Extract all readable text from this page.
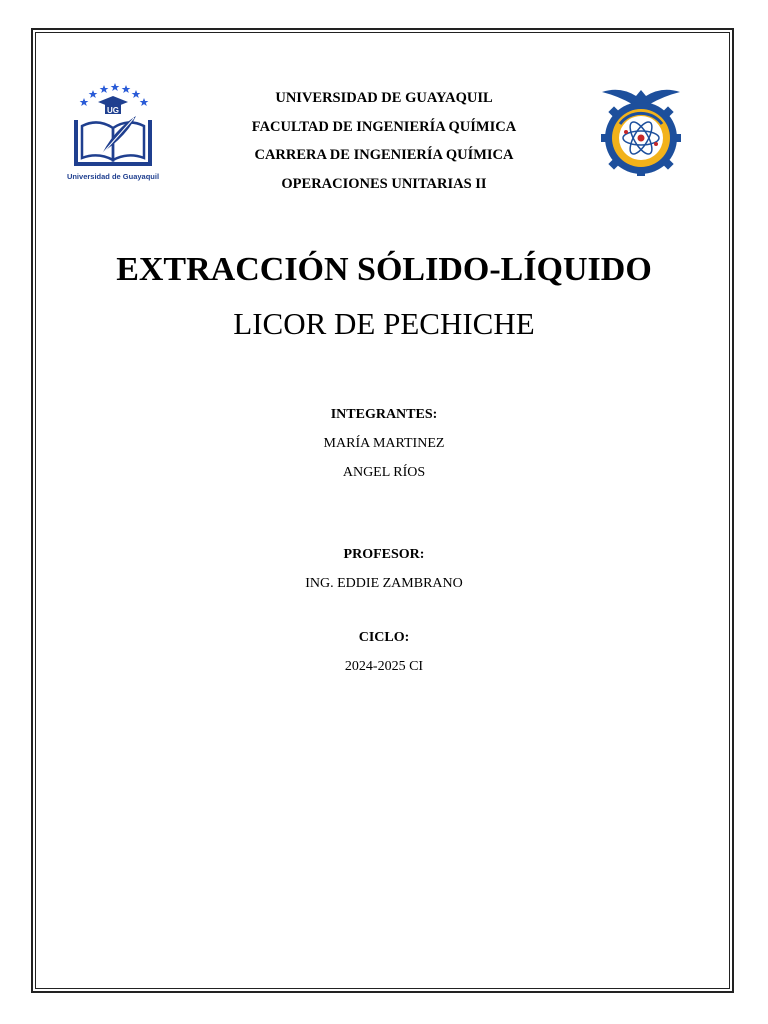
UG
Universidad de Guayaquil
UNIVERSIDAD DE GUAYAQUIL
FACULTAD DE INGENIERÍA QUÍMICA
CARRERA DE INGENIERÍA QUÍMICA
OPERACIONES UNITARIAS II
EXTRACCIÓN SÓLIDO-LÍQUIDO
LICOR DE PECHICHE
INTEGRANTES:
MARÍA MARTINEZ
ANGEL RÍOS
PROFESOR:
ING. EDDIE ZAMBRANO
CICLO:
2024-2025 CI
